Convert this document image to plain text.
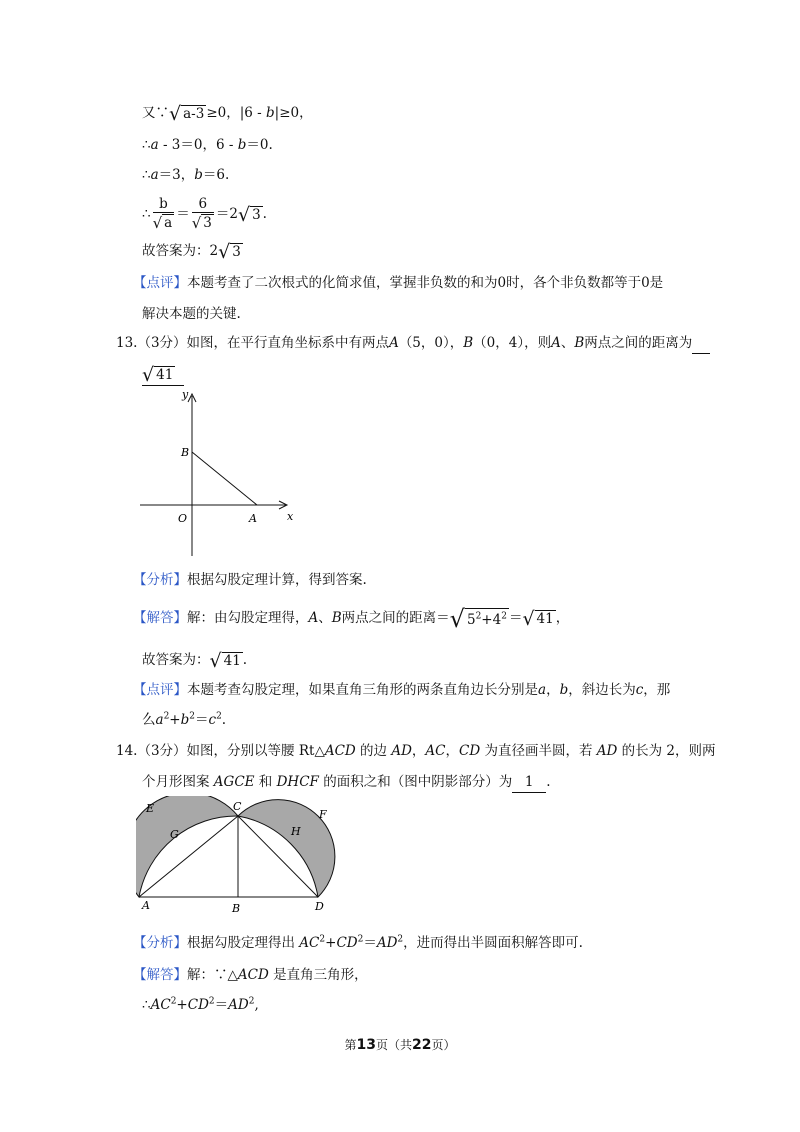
又∵√ a-3 ≥0，|6 - b|≥0，
∴a - 3＝0，6 - b＝0.
∴a＝3，b＝6.
∴ $\frac{b}{√ a} = \frac{6}{√ 3} =2√$ 3 .
故答案为：2√ 3
【点评】本题考查了二次根式的化简求值，掌握非负数的和为0时，各个非负数都等于0是
解决本题的关键.
13.（3分）如图，在平行直角坐标系中有两点A（5，0），B（0，4），则A、B两点之间的距离为
√ 41
y
x
B
O	A
【分析】根据勾股定理计算，得到答案.
【解答】解：由勾股定理得，A、B两点之间的距离＝√ $5^2+4^2$ ＝√ 41 ，
故答案为：√ 41 .
【点评】本题考查勾股定理，如果直角三角形的两条直角边长分别是a，b，斜边长为c，那
么$a^2+b^2=c^2$.
14.（3分）如图，分别以等腰 Rt△ACD 的边 AD，AC，CD 为直径画半圆，若 AD 的长为 2，则两
个月形图案 AGCE 和 DHCF 的面积之和（图中阴影部分）为 1 .
E	C
F
G	H
A	B	D
【分析】根据勾股定理得出 $AC^2+CD^2=AD^2$，进而得出半圆面积解答即可.
【解答】解：∵△ACD 是直角三角形，
$\therefore AC^2+CD^2=AD^2$,
第13页（共22页）
